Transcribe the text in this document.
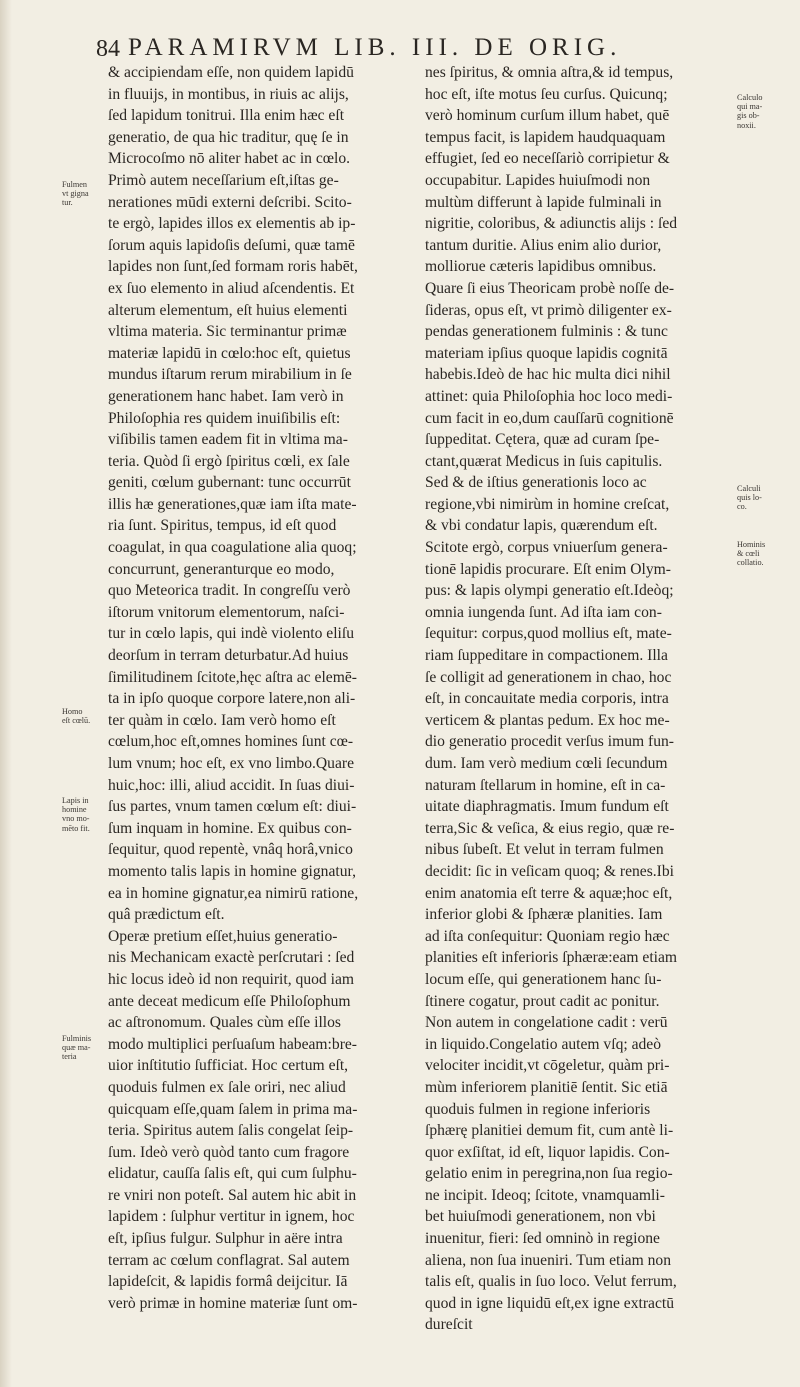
84 PARAMIRVM LIB. III. DE ORIG.
& accipiendam eſſe, non quidem lapidū
in fluuijs, in montibus, in riuis ac alijs,
ſed lapidum tonitrui. Illa enim hæc eſt
generatio, de qua hic traditur, quę ſe in
Microcoſmo nō aliter habet ac in cœlo.
Primò autem neceſſarium eſt,iſtas ge-
nerationes mūdi externi deſcribi. Scito-
te ergò, lapides illos ex elementis ab ip-
ſorum aquis lapidoſis deſumi, quæ tamē
lapides non ſunt,ſed formam roris habēt,
ex ſuo elemento in aliud aſcendentis. Et
alterum elementum, eſt huius elementi
vltima materia. Sic terminantur primæ
materiæ lapidū in cœlo:hoc eſt, quietus
mundus iſtarum rerum mirabilium in ſe
generationem hanc habet. Iam verò in
Philoſophia res quidem inuiſibilis eſt:
viſibilis tamen eadem fit in vltima ma-
teria. Quòd ſi ergò ſpiritus cœli, ex ſale
geniti, cœlum gubernant: tunc occurrūt
illis hæ generationes,quæ iam iſta mate-
ria ſunt. Spiritus, tempus, id eſt quod
coagulat, in qua coagulatione alia quoq;
concurrunt, generanturque eo modo,
quo Meteorica tradit. In congreſſu verò
iſtorum vnitorum elementorum, naſci-
tur in cœlo lapis, qui indè violento eliſu
deorſum in terram deturbatur.Ad huius
ſimilitudinem ſcitote,hęc aſtra ac elemē-
ta in ipſo quoque corpore latere,non ali-
ter quàm in cœlo. Iam verò homo eſt
cœlum,hoc eſt,omnes homines ſunt cœ-
lum vnum; hoc eſt, ex vno limbo.Quare
huic,hoc: illi, aliud accidit. In ſuas diui-
ſus partes, vnum tamen cœlum eſt: diui-
ſum inquam in homine. Ex quibus con-
ſequitur, quod repentè, vnâq horâ,vnico
momento talis lapis in homine gignatur,
ea in homine gignatur,ea nimirū ratione,
quâ prædictum eſt.
Operæ pretium eſſet,huius generatio-
nis Mechanicam exactè perſcrutari : ſed
hic locus ideò id non requirit, quod iam
ante deceat medicum eſſe Philoſophum
ac aſtronomum. Quales cùm eſſe illos
modo multiplici perſuaſum habeam:bre-
uior inſtitutio ſufficiat. Hoc certum eſt,
quoduis fulmen ex ſale oriri, nec aliud
quicquam eſſe,quam ſalem in prima ma-
teria. Spiritus autem ſalis congelat ſeip-
ſum. Ideò verò quòd tanto cum fragore
elidatur, cauſſa ſalis eſt, qui cum ſulphu-
re vniri non poteſt. Sal autem hic abit in
lapidem : ſulphur vertitur in ignem, hoc
eſt, ipſius fulgur. Sulphur in aëre intra
terram ac cœlum conflagrat. Sal autem
lapideſcit, & lapidis formâ deijcitur. Iā
verò primæ in homine materiæ ſunt om-
nes ſpiritus, & omnia aſtra,& id tempus,
hoc eſt, iſte motus ſeu curſus. Quicunq;
verò hominum curſum illum habet, quē
tempus facit, is lapidem haudquaquam
effugiet, ſed eo neceſſariò corripietur &
occupabitur. Lapides huiuſmodi non
multùm differunt à lapide fulminali in
nigritie, coloribus, & adiunctis alijs : ſed
tantum duritie. Alius enim alio durior,
molliorue cæteris lapidibus omnibus.
Quare ſi eius Theoricam probè noſſe de-
ſideras, opus eſt, vt primò diligenter ex-
pendas generationem fulminis : & tunc
materiam ipſius quoque lapidis cognitā
habebis.Ideò de hac hic multa dici nihil
attinet: quia Philoſophia hoc loco medi-
cum facit in eo,dum cauſſarū cognitionē
ſuppeditat. Cętera, quæ ad curam ſpe-
ctant,quærat Medicus in ſuis capitulis.
Sed & de iſtius generationis loco ac
regione,vbi nimirùm in homine creſcat,
& vbi condatur lapis, quærendum eſt.
Scitote ergò, corpus vniuerſum genera-
tionē lapidis procurare. Eſt enim Olym-
pus: & lapis olympi generatio eſt.Ideòq;
omnia iungenda ſunt. Ad iſta iam con-
ſequitur: corpus,quod mollius eſt, mate-
riam ſuppeditare in compactionem. Illa
ſe colligit ad generationem in chao, hoc
eſt, in concauitate media corporis, intra
verticem & plantas pedum. Ex hoc me-
dio generatio procedit verſus imum fun-
dum. Iam verò medium cœli ſecundum
naturam ſtellarum in homine, eſt in ca-
uitate diaphragmatis. Imum fundum eſt
terra,Sic & veſica, & eius regio, quæ re-
nibus ſubeſt. Et velut in terram fulmen
decidit: ſic in veſicam quoq; & renes.Ibi
enim anatomia eſt terre & aquæ;hoc eſt,
inferior globi & ſphæræ planities. Iam
ad iſta conſequitur: Quoniam regio hæc
planities eſt inferioris ſphæræ:eam etiam
locum eſſe, qui generationem hanc ſu-
ſtinere cogatur, prout cadit ac ponitur.
Non autem in congelatione cadit : verū
in liquido.Congelatio autem vſq; adeò
velociter incidit,vt cōgeletur, quàm pri-
mùm inferiorem planitiē ſentit. Sic etiā
quoduis fulmen in regione inferioris
ſphærę planitiei demum fit, cum antè li-
quor exſiſtat, id eſt, liquor lapidis. Con-
gelatio enim in peregrina,non ſua regio-
ne incipit. Ideoq; ſcitote, vnamquamli-
bet huiuſmodi generationem, non vbi
inuenitur, fieri: ſed omninò in regione
aliena, non ſua inueniri. Tum etiam non
talis eſt, qualis in ſuo loco. Velut ferrum,
quod in igne liquidū eſt,ex igne extractū
dureſcit
Fulmen
vt gigna
tur.
Homo
eſt cœlū.
Lapis in
homine
vno mo-
mēto fit.
Fulminis
quæ ma-
teria
Calculo
qui ma-
gis ob-
noxii.
Calculi
quis lo-
co.
Hominis
& cœli
collatio.
